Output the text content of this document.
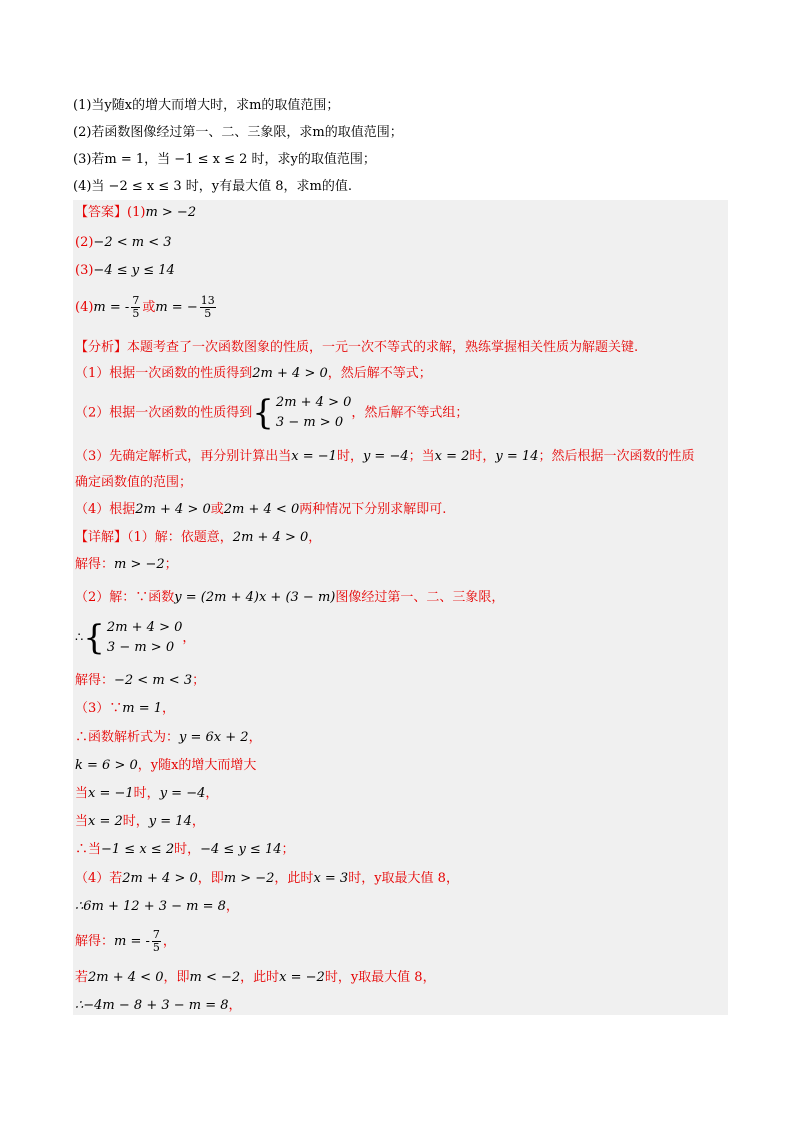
(1)当y随x的增大而增大时，求m的取值范围；
(2)若函数图像经过第一、二、三象限，求m的取值范围；
(3)若m = 1，当 −1 ≤ x ≤ 2 时，求y的取值范围；
(4)当 −2 ≤ x ≤ 3 时，y有最大值 8，求m的值.
【答案】(1)m > −2
(2)−2 < m < 3
(3)−4 ≤ y ≤ 14
(4)m = - $\frac{7}{5}$ 或m = − $\frac{13}{5}$
【分析】本题考查了一次函数图象的性质，一元一次不等式的求解，熟练掌握相关性质为解题关键.
（1）根据一次函数的性质得到2m + 4 > 0，然后解不等式；
（2）根据一次函数的性质得到 { 2m + 4 > 0
3 − m > 0
，然后解不等式组；
（3）先确定解析式，再分别计算出当x = −1时，y = −4；当x = 2时，y = 14；然后根据一次函数的性质
确定函数值的范围；
（4）根据2m + 4 > 0或2m + 4 < 0两种情况下分别求解即可.
【详解】（1）解：依题意，2m + 4 > 0，
解得：m > −2；
（2）解：∵函数y = (2m + 4)x + (3 − m)图像经过第一、二、三象限，
∴ { 2m + 4 > 0
3 − m > 0
，
解得：−2 < m < 3；
（3）∵m = 1，
∴函数解析式为：y = 6x + 2，
k = 6 > 0，y随x的增大而增大
当x = −1时，y = −4，
当x = 2时，y = 14，
∴当−1 ≤ x ≤ 2时，−4 ≤ y ≤ 14；
（4）若2m + 4 > 0，即m > −2，此时x = 3时，y取最大值 8，
∴6m + 12 + 3 − m = 8，
解得：m = - $\frac{7}{5}$ ，
若2m + 4 < 0，即m < −2，此时x = −2时，y取最大值 8，
∴−4m − 8 + 3 − m = 8，
